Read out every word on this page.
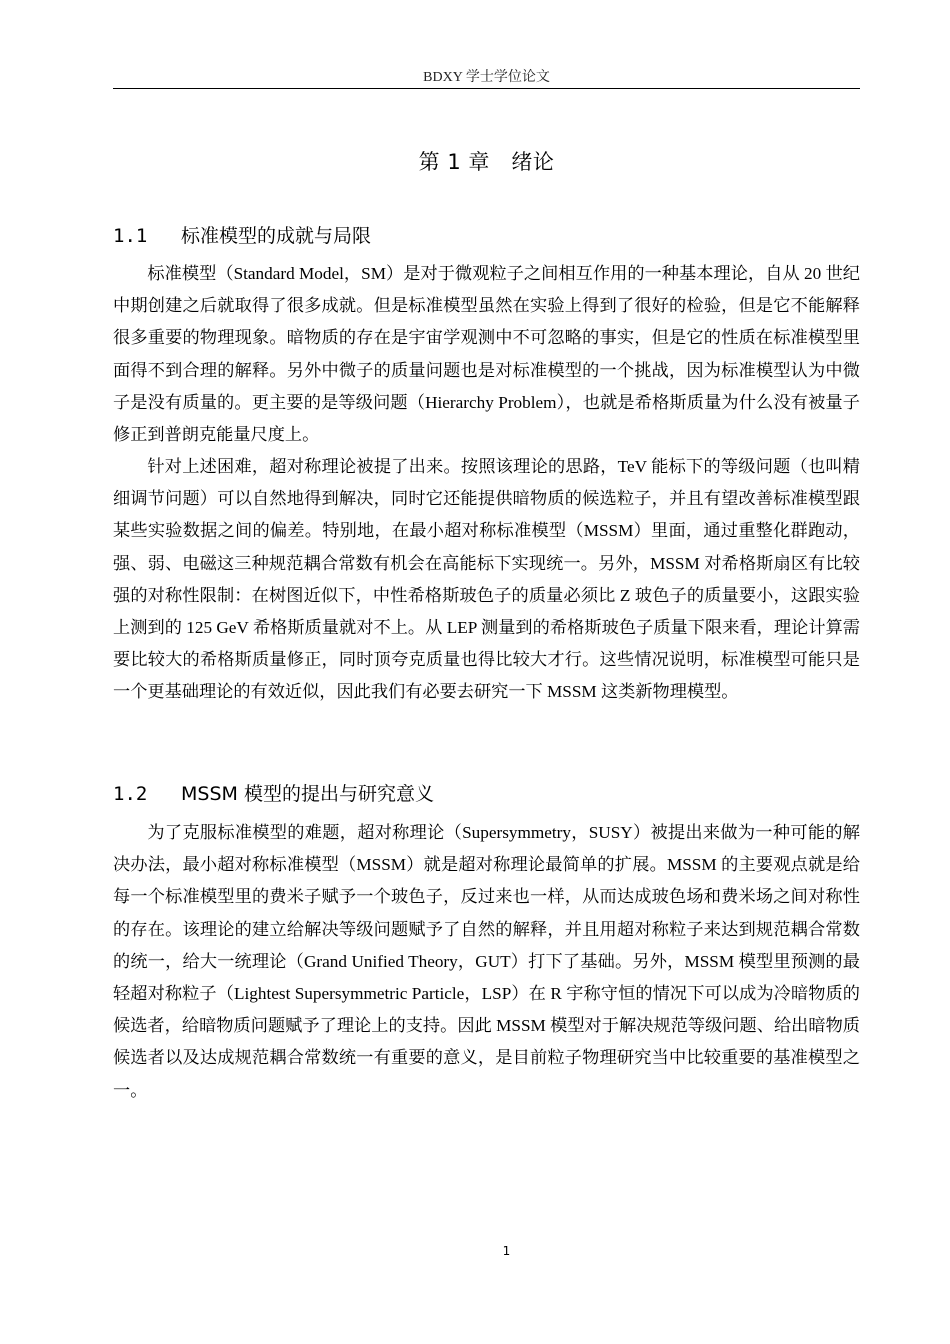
BDXY 学士学位论文
第 1 章　绪论
1.1 标准模型的成就与局限

标准模型（Standard Model，SM）是对于微观粒子之间相互作用的一种基本理论，自从 20 世纪中期创建之后就取得了很多成就。但是标准模型虽然在实验上得到了很好的检验，但是它不能解释很多重要的物理现象。暗物质的存在是宇宙学观测中不可忽略的事实，但是它的性质在标准模型里面得不到合理的解释。另外中微子的质量问题也是对标准模型的一个挑战，因为标准模型认为中微子是没有质量的。更主要的是等级问题（Hierarchy Problem），也就是希格斯质量为什么没有被量子修正到普朗克能量尺度上。

针对上述困难，超对称理论被提了出来。按照该理论的思路，TeV 能标下的等级问题（也叫精细调节问题）可以自然地得到解决，同时它还能提供暗物质的候选粒子，并且有望改善标准模型跟某些实验数据之间的偏差。特别地，在最小超对称标准模型（MSSM）里面，通过重整化群跑动，强、弱、电磁这三种规范耦合常数有机会在高能标下实现统一。另外，MSSM 对希格斯扇区有比较强的对称性限制：在树图近似下，中性希格斯玻色子的质量必须比 Z 玻色子的质量要小，这跟实验上测到的 125 GeV 希格斯质量就对不上。从 LEP 测量到的希格斯玻色子质量下限来看，理论计算需要比较大的希格斯质量修正，同时顶夸克质量也得比较大才行。这些情况说明，标准模型可能只是一个更基础理论的有效近似，因此我们有必要去研究一下 MSSM 这类新物理模型。

1.2 MSSM 模型的提出与研究意义

为了克服标准模型的难题，超对称理论（Supersymmetry，SUSY）被提出来做为一种可能的解决办法，最小超对称标准模型（MSSM）就是超对称理论最简单的扩展。MSSM 的主要观点就是给每一个标准模型里的费米子赋予一个玻色子，反过来也一样，从而达成玻色场和费米场之间对称性的存在。该理论的建立给解决等级问题赋予了自然的解释，并且用超对称粒子来达到规范耦合常数的统一，给大一统理论（Grand Unified Theory，GUT）打下了基础。另外，MSSM 模型里预测的最轻超对称粒子（Lightest Supersymmetric Particle，LSP）在 R 宇称守恒的情况下可以成为冷暗物质的候选者，给暗物质问题赋予了理论上的支持。因此 MSSM 模型对于解决规范等级问题、给出暗物质候选者以及达成规范耦合常数统一有重要的意义，是目前粒子物理研究当中比较重要的基准模型之一。

1
